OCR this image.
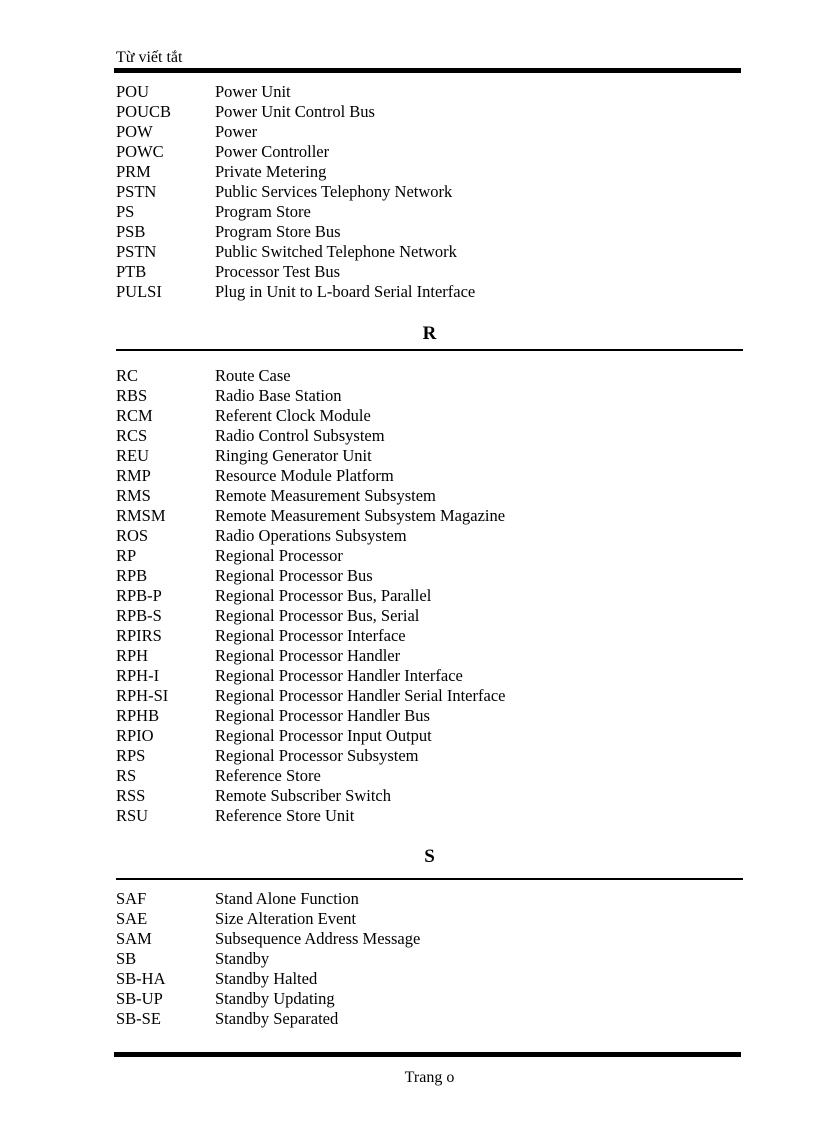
Từ viết tắt
POU	Power Unit
POUCB	Power Unit Control Bus
POW	Power
POWC	Power Controller
PRM	Private Metering
PSTN	Public Services Telephony Network
PS	Program Store
PSB	Program Store Bus
PSTN	Public Switched Telephone Network
PTB	Processor Test Bus
PULSI	Plug in Unit to L-board Serial Interface
R
RC	Route Case
RBS	Radio Base Station
RCM	Referent Clock Module
RCS	Radio Control Subsystem
REU	Ringing Generator Unit
RMP	Resource Module Platform
RMS	Remote Measurement Subsystem
RMSM	Remote Measurement Subsystem Magazine
ROS	Radio Operations Subsystem
RP	Regional Processor
RPB	Regional Processor Bus
RPB-P	Regional Processor Bus, Parallel
RPB-S	Regional Processor Bus, Serial
RPIRS	Regional Processor Interface
RPH	Regional Processor Handler
RPH-I	Regional Processor Handler Interface
RPH-SI	Regional Processor Handler Serial Interface
RPHB	Regional Processor Handler Bus
RPIO	Regional Processor Input Output
RPS	Regional Processor Subsystem
RS	Reference Store
RSS	Remote Subscriber Switch
RSU	Reference Store Unit
S
SAF	Stand Alone Function
SAE	Size Alteration Event
SAM	Subsequence Address Message
SB	Standby
SB-HA	Standby Halted
SB-UP	Standby Updating
SB-SE	Standby Separated
Trang o
